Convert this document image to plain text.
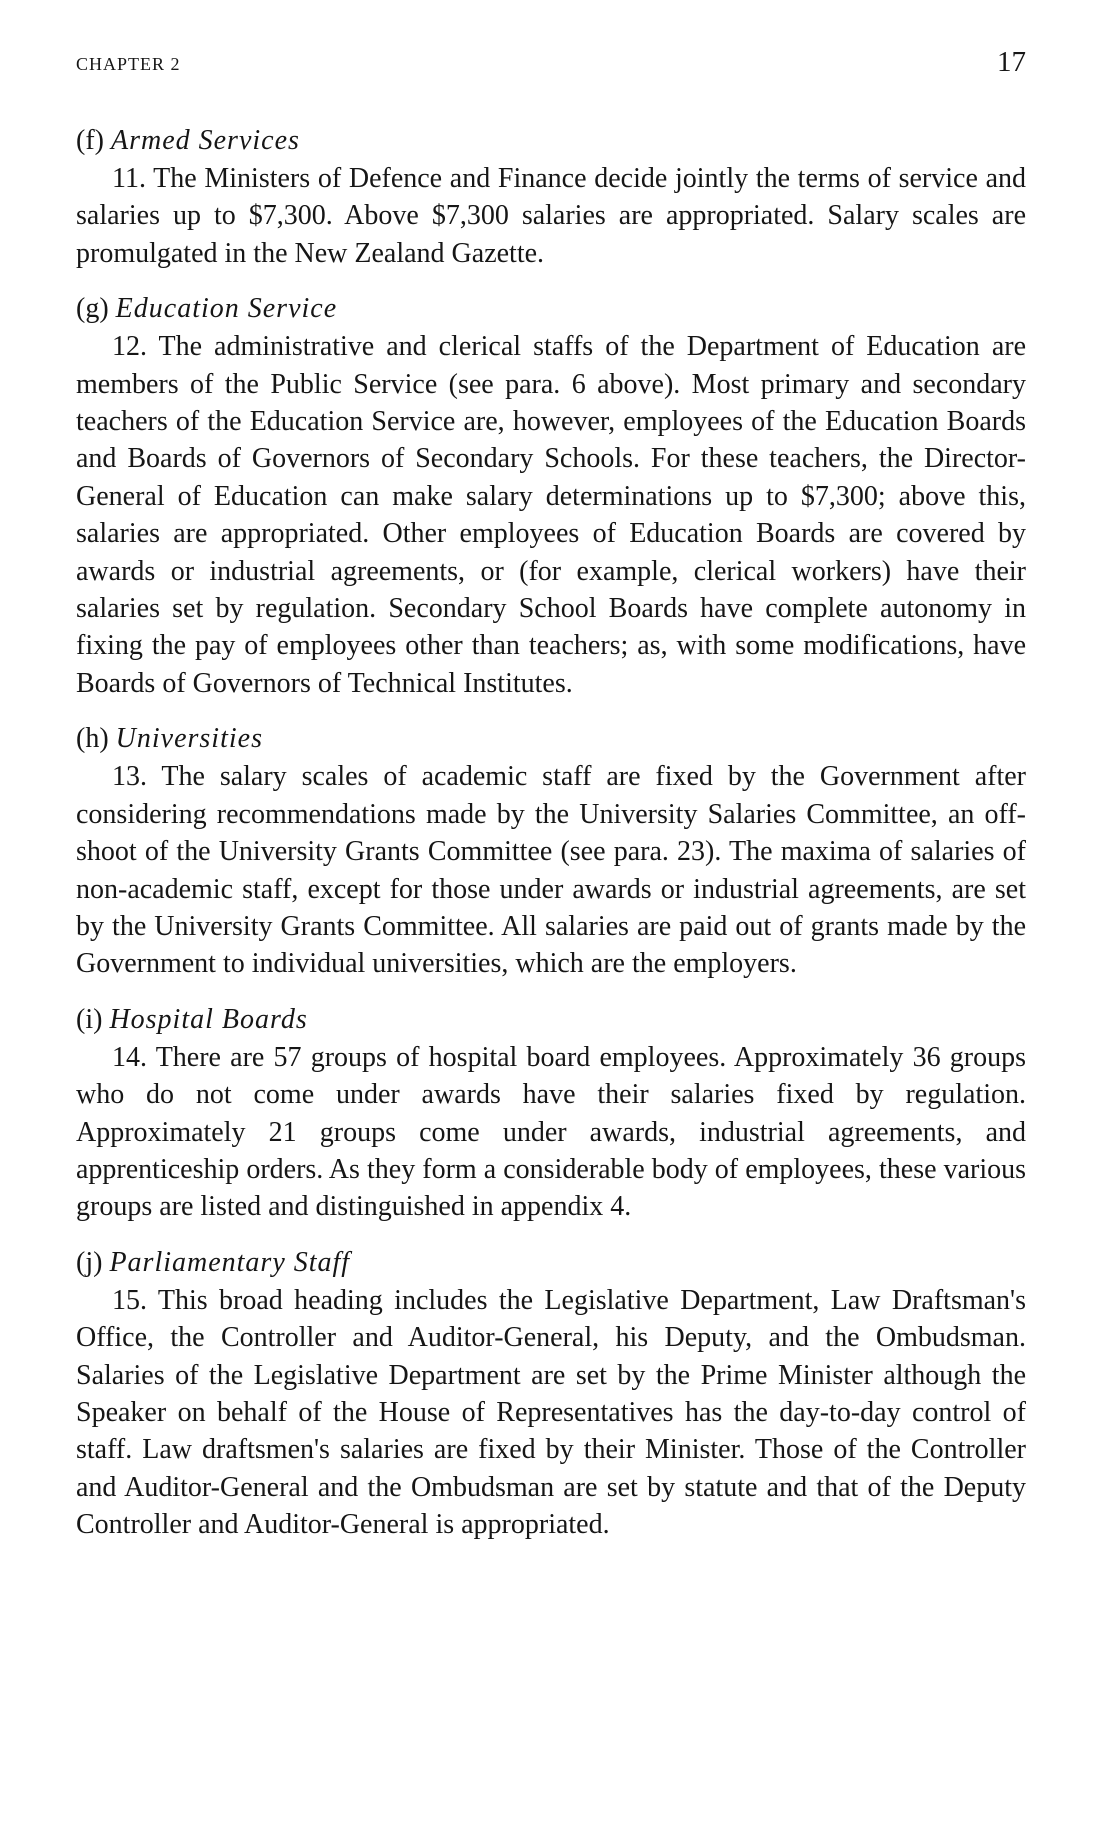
CHAPTER 2	17

(f) Armed Services

11. The Ministers of Defence and Finance decide jointly the terms of service and salaries up to $7,300. Above $7,300 salaries are appropriated. Salary scales are promulgated in the New Zealand Gazette.

(g) Education Service

12. The administrative and clerical staffs of the Department of Education are members of the Public Service (see para. 6 above). Most primary and secondary teachers of the Education Service are, however, employees of the Education Boards and Boards of Governors of Secondary Schools. For these teachers, the Director-General of Education can make salary determinations up to $7,300; above this, salaries are appropriated. Other employees of Education Boards are covered by awards or industrial agreements, or (for example, clerical workers) have their salaries set by regulation. Secondary School Boards have complete autonomy in fixing the pay of employees other than teachers; as, with some modifications, have Boards of Governors of Technical Institutes.

(h) Universities

13. The salary scales of academic staff are fixed by the Government after considering recommendations made by the University Salaries Committee, an off-shoot of the University Grants Committee (see para. 23). The maxima of salaries of non-academic staff, except for those under awards or industrial agreements, are set by the University Grants Committee. All salaries are paid out of grants made by the Government to individual universities, which are the employers.

(i) Hospital Boards

14. There are 57 groups of hospital board employees. Approximately 36 groups who do not come under awards have their salaries fixed by regulation. Approximately 21 groups come under awards, industrial agreements, and apprenticeship orders. As they form a considerable body of employees, these various groups are listed and distinguished in appendix 4.

(j) Parliamentary Staff

15. This broad heading includes the Legislative Department, Law Draftsman's Office, the Controller and Auditor-General, his Deputy, and the Ombudsman. Salaries of the Legislative Department are set by the Prime Minister although the Speaker on behalf of the House of Representatives has the day-to-day control of staff. Law draftsmen's salaries are fixed by their Minister. Those of the Controller and Auditor-General and the Ombudsman are set by statute and that of the Deputy Controller and Auditor-General is appropriated.
